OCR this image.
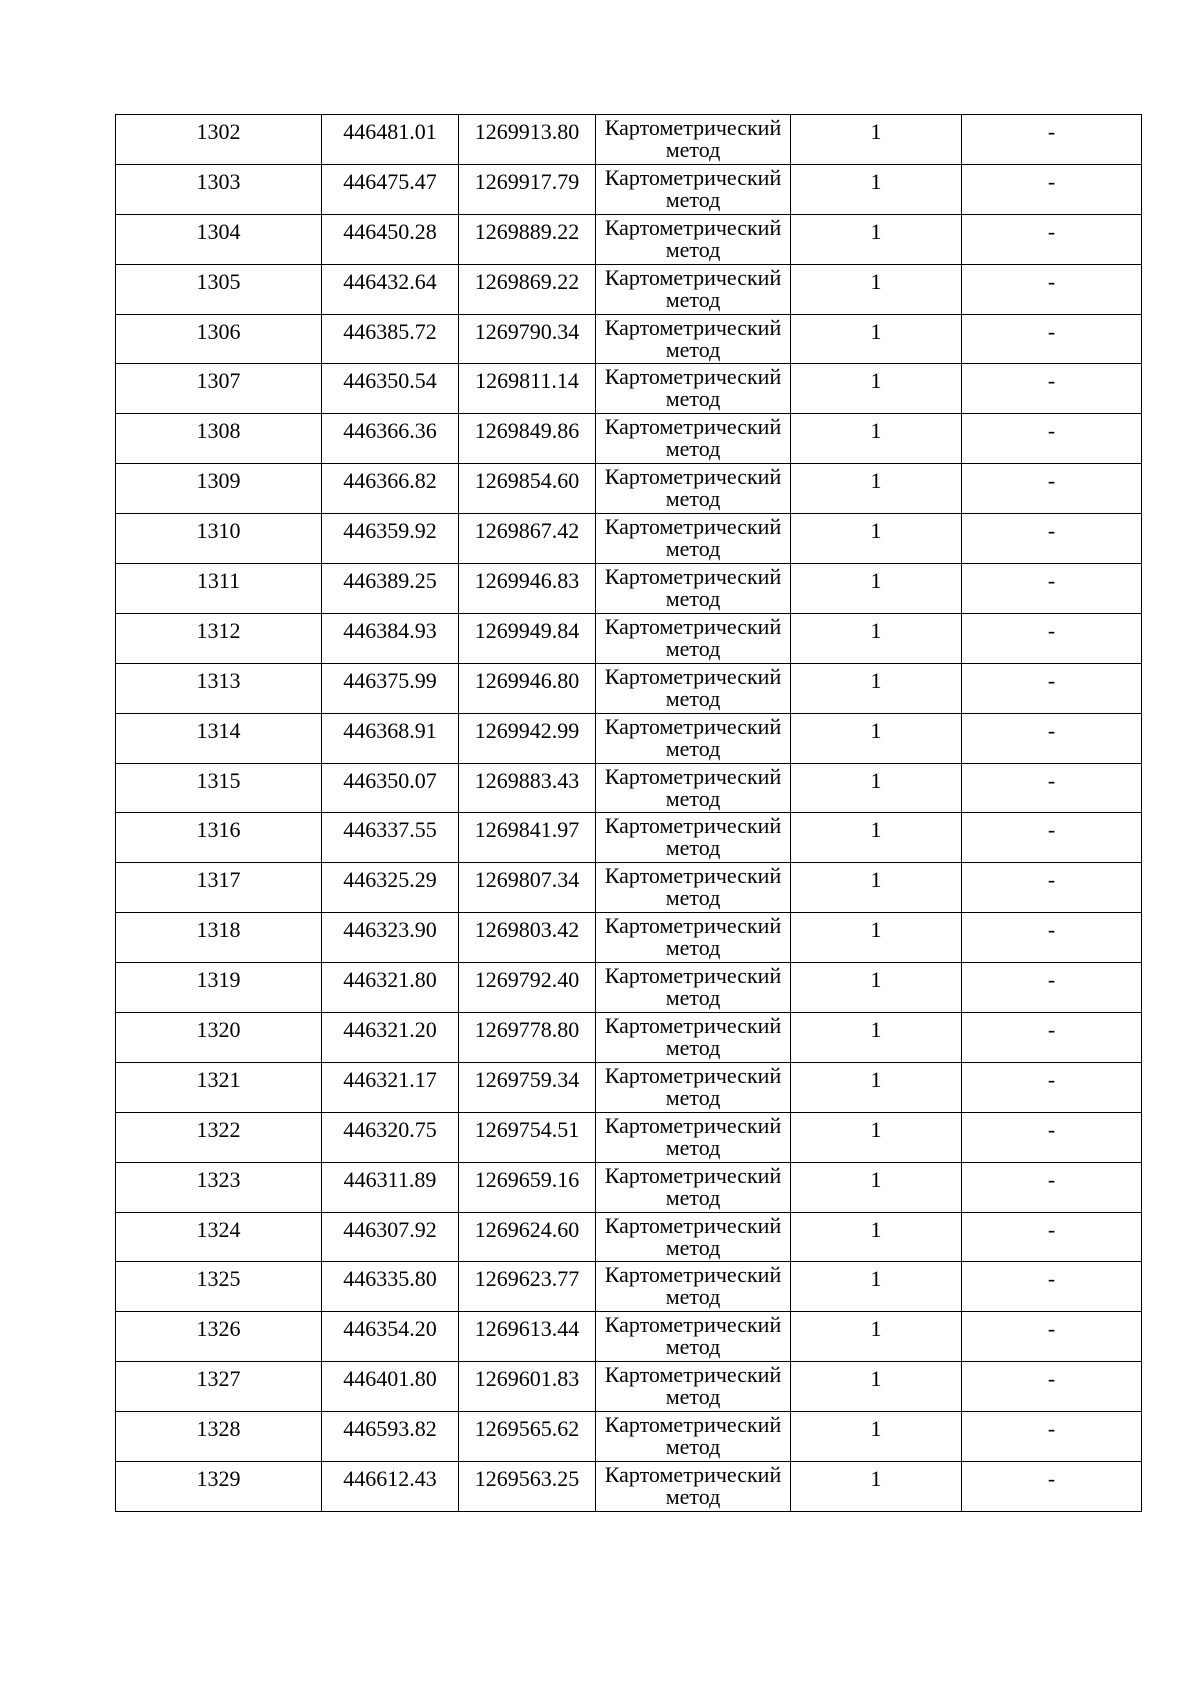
1302	446481.01	1269913.80	Картометрический
метод	1	-

1303	446475.47	1269917.79	Картометрический
метод	1	-

1304	446450.28	1269889.22	Картометрический
метод	1	-

1305	446432.64	1269869.22	Картометрический
метод	1	-

1306	446385.72	1269790.34	Картометрический
метод	1	-

1307	446350.54	1269811.14	Картометрический
метод	1	-

1308	446366.36	1269849.86	Картометрический
метод	1	-

1309	446366.82	1269854.60	Картометрический
метод	1	-

1310	446359.92	1269867.42	Картометрический
метод	1	-

1311	446389.25	1269946.83	Картометрический
метод	1	-

1312	446384.93	1269949.84	Картометрический
метод	1	-

1313	446375.99	1269946.80	Картометрический
метод	1	-

1314	446368.91	1269942.99	Картометрический
метод	1	-

1315	446350.07	1269883.43	Картометрический
метод	1	-

1316	446337.55	1269841.97	Картометрический
метод	1	-

1317	446325.29	1269807.34	Картометрический
метод	1	-

1318	446323.90	1269803.42	Картометрический
метод	1	-

1319	446321.80	1269792.40	Картометрический
метод	1	-

1320	446321.20	1269778.80	Картометрический
метод	1	-

1321	446321.17	1269759.34	Картометрический
метод	1	-

1322	446320.75	1269754.51	Картометрический
метод	1	-

1323	446311.89	1269659.16	Картометрический
метод	1	-

1324	446307.92	1269624.60	Картометрический
метод	1	-

1325	446335.80	1269623.77	Картометрический
метод	1	-

1326	446354.20	1269613.44	Картометрический
метод	1	-

1327	446401.80	1269601.83	Картометрический
метод	1	-

1328	446593.82	1269565.62	Картометрический
метод	1	-

1329	446612.43	1269563.25	Картометрический
метод	1	-
